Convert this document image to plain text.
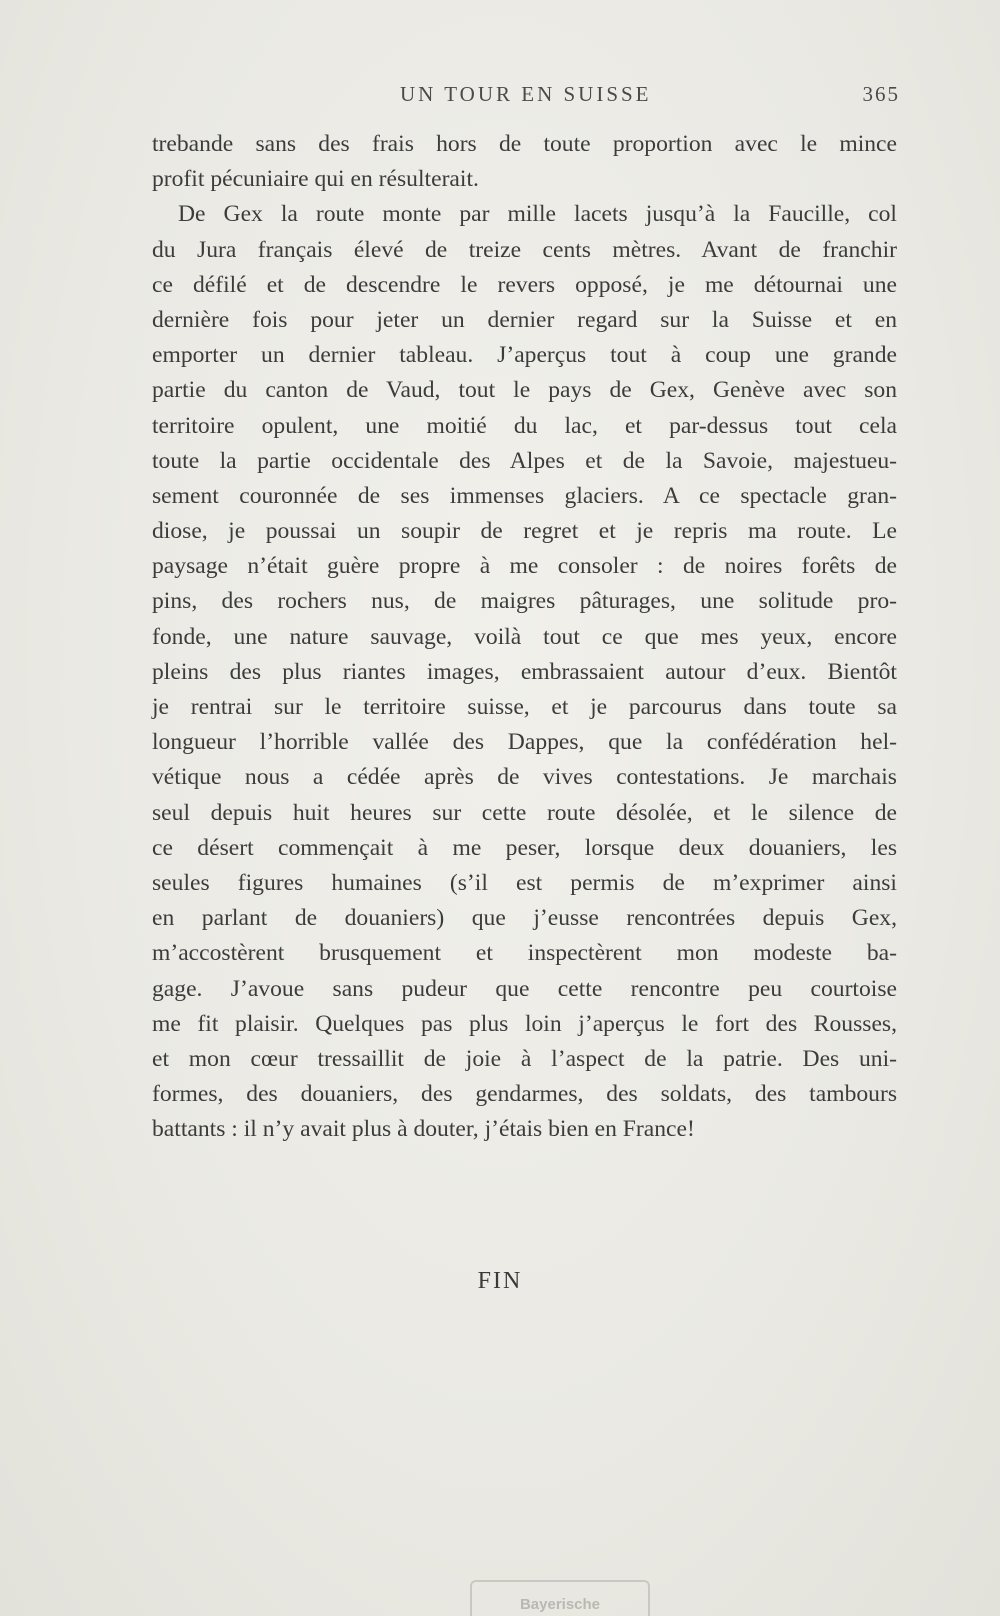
UN TOUR EN SUISSE	365
trebande sans des frais hors de toute proportion avec le mince
profit pécuniaire qui en résulterait.
De Gex la route monte par mille lacets jusqu’à la Faucille, col
du Jura français élevé de treize cents mètres. Avant de franchir
ce défilé et de descendre le revers opposé, je me détournai une
dernière fois pour jeter un dernier regard sur la Suisse et en
emporter un dernier tableau. J’aperçus tout à coup une grande
partie du canton de Vaud, tout le pays de Gex, Genève avec son
territoire opulent, une moitié du lac, et par-dessus tout cela
toute la partie occidentale des Alpes et de la Savoie, majestueu-
sement couronnée de ses immenses glaciers. A ce spectacle gran-
diose, je poussai un soupir de regret et je repris ma route. Le
paysage n’était guère propre à me consoler : de noires forêts de
pins, des rochers nus, de maigres pâturages, une solitude pro-
fonde, une nature sauvage, voilà tout ce que mes yeux, encore
pleins des plus riantes images, embrassaient autour d’eux. Bientôt
je rentrai sur le territoire suisse, et je parcourus dans toute sa
longueur l’horrible vallée des Dappes, que la confédération hel-
vétique nous a cédée après de vives contestations. Je marchais
seul depuis huit heures sur cette route désolée, et le silence de
ce désert commençait à me peser, lorsque deux douaniers, les
seules figures humaines (s’il est permis de m’exprimer ainsi
en parlant de douaniers) que j’eusse rencontrées depuis Gex,
m’accostèrent brusquement et inspectèrent mon modeste ba-
gage. J’avoue sans pudeur que cette rencontre peu courtoise
me fit plaisir. Quelques pas plus loin j’aperçus le fort des Rousses,
et mon cœur tressaillit de joie à l’aspect de la patrie. Des uni-
formes, des douaniers, des gendarmes, des soldats, des tambours
battants : il n’y avait plus à douter, j’étais bien en France!
FIN
Bayerische
